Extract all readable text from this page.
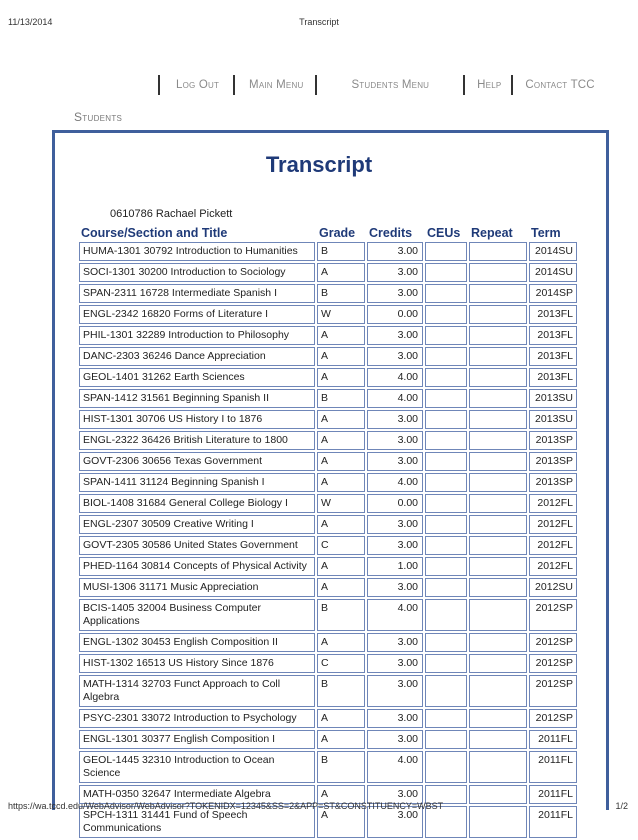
11/13/2014	Transcript
Log Out	Main Menu	Students Menu	Help	Contact TCC
Students
Transcript
0610786 Rachael Pickett
Course/Section and Title	Grade	Credits	CEUs	Repeat	Term
HUMA-1301 30792 Introduction to Humanities	B	3.00			2014SU
SOCI-1301 30200 Introduction to Sociology	A	3.00			2014SU
SPAN-2311 16728 Intermediate Spanish I	B	3.00			2014SP
ENGL-2342 16820 Forms of Literature I	W	0.00			2013FL
PHIL-1301 32289 Introduction to Philosophy	A	3.00			2013FL
DANC-2303 36246 Dance Appreciation	A	3.00			2013FL
GEOL-1401 31262 Earth Sciences	A	4.00			2013FL
SPAN-1412 31561 Beginning Spanish II	B	4.00			2013SU
HIST-1301 30706 US History I to 1876	A	3.00			2013SU
ENGL-2322 36426 British Literature to 1800	A	3.00			2013SP
GOVT-2306 30656 Texas Government	A	3.00			2013SP
SPAN-1411 31124 Beginning Spanish I	A	4.00			2013SP
BIOL-1408 31684 General College Biology I	W	0.00			2012FL
ENGL-2307 30509 Creative Writing I	A	3.00			2012FL
GOVT-2305 30586 United States Government	C	3.00			2012FL
PHED-1164 30814 Concepts of Physical Activity	A	1.00			2012FL
MUSI-1306 31171 Music Appreciation	A	3.00			2012SU
BCIS-1405 32004 Business Computer Applications	B	4.00			2012SP
ENGL-1302 30453 English Composition II	A	3.00			2012SP
HIST-1302 16513 US History Since 1876	C	3.00			2012SP
MATH-1314 32703 Funct Approach to Coll Algebra	B	3.00			2012SP
PSYC-2301 33072 Introduction to Psychology	A	3.00			2012SP
ENGL-1301 30377 English Composition I	A	3.00			2011FL
GEOL-1445 32310 Introduction to Ocean Science	B	4.00			2011FL
MATH-0350 32647 Intermediate Algebra	A	3.00			2011FL
SPCH-1311 31441 Fund of Speech Communications	A	3.00			2011FL
https://wa.tccd.edu/WebAdvisor/WebAdvisor?TOKENIDX=12345&SS=2&APP=ST&CONSTITUENCY=WBST	1/2
